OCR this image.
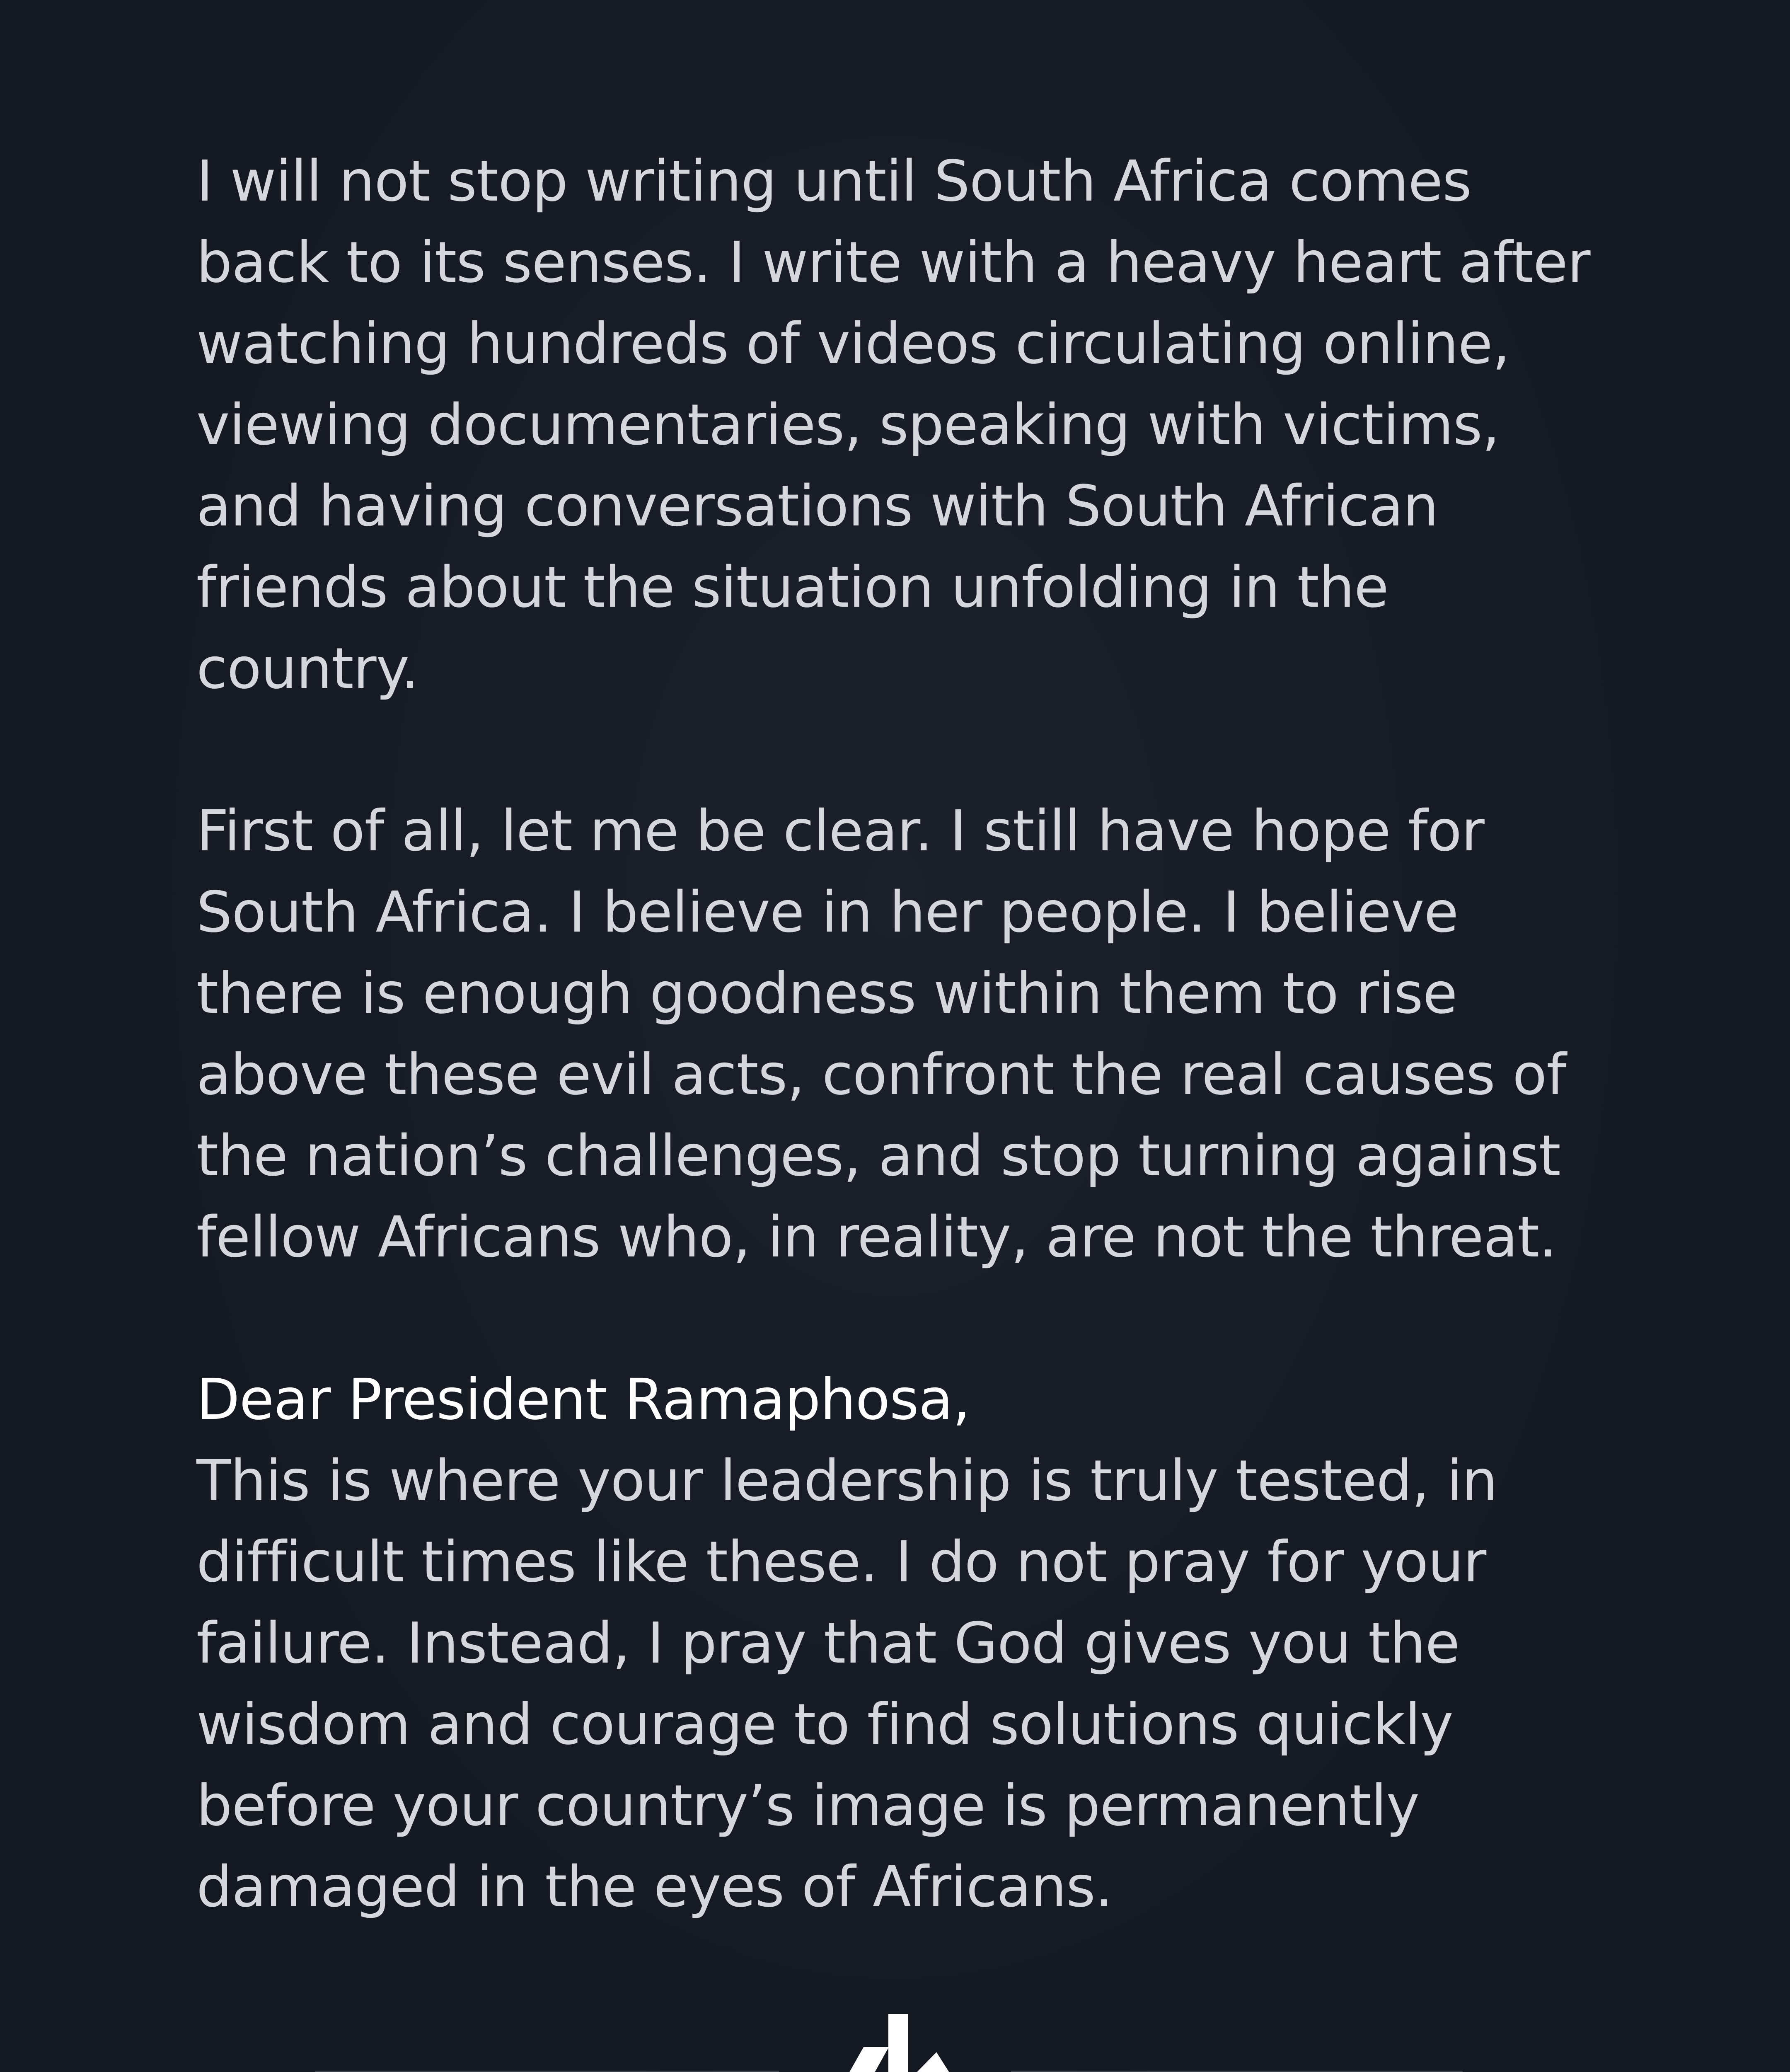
I will not stop writing until South Africa comes
back to its senses. I write with a heavy heart after
watching hundreds of videos circulating online,
viewing documentaries, speaking with victims,
and having conversations with South African
friends about the situation unfolding in the
country.

First of all, let me be clear. I still have hope for
South Africa. I believe in her people. I believe
there is enough goodness within them to rise
above these evil acts, confront the real causes of
the nation’s challenges, and stop turning against
fellow Africans who, in reality, are not the threat.

Dear President Ramaphosa,
This is where your leadership is truly tested, in
difficult times like these. I do not pray for your
failure. Instead, I pray that God gives you the
wisdom and courage to find solutions quickly
before your country’s image is permanently
damaged in the eyes of Africans.
